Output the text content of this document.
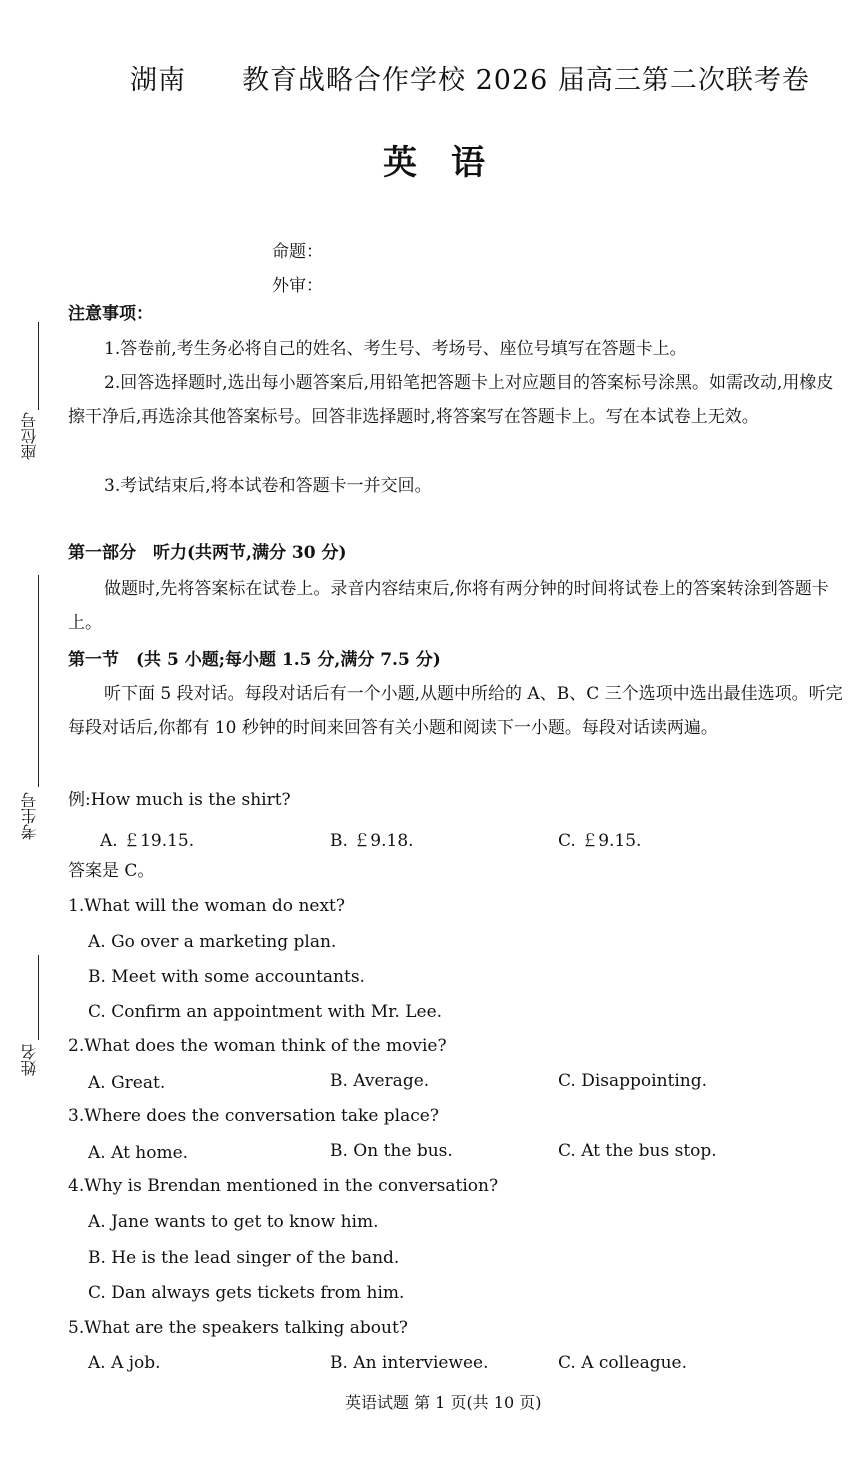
湖南 教育战略合作学校 2026 届高三第二次联考卷
英　语
命题：
外审：
座位号
考生号
姓名
注意事项：
1.答卷前,考生务必将自己的姓名、考生号、考场号、座位号填写在答题卡上。
2.回答选择题时,选出每小题答案后,用铅笔把答题卡上对应题目的答案标号涂黑。如需改动,用橡皮擦干净后,再选涂其他答案标号。回答非选择题时,将答案写在答题卡上。写在本试卷上无效。
3.考试结束后,将本试卷和答题卡一并交回。
第一部分　听力(共两节,满分 30 分)
做题时,先将答案标在试卷上。录音内容结束后,你将有两分钟的时间将试卷上的答案转涂到答题卡上。
第一节　(共 5 小题;每小题 1.5 分,满分 7.5 分)
听下面 5 段对话。每段对话后有一个小题,从题中所给的 A、B、C 三个选项中选出最佳选项。听完每段对话后,你都有 10 秒钟的时间来回答有关小题和阅读下一小题。每段对话读两遍。
例:How much is the shirt?
A. ￡19.15.	B. ￡9.18.	C. ￡9.15.
答案是 C。
1.What will the woman do next?
A. Go over a marketing plan.
B. Meet with some accountants.
C. Confirm an appointment with Mr. Lee.
2.What does the woman think of the movie?
A. Great.	B. Average.	C. Disappointing.
3.Where does the conversation take place?
A. At home.	B. On the bus.	C. At the bus stop.
4.Why is Brendan mentioned in the conversation?
A. Jane wants to get to know him.
B. He is the lead singer of the band.
C. Dan always gets tickets from him.
5.What are the speakers talking about?
A. A job.	B. An interviewee.	C. A colleague.
英语试题 第 1 页(共 10 页)
